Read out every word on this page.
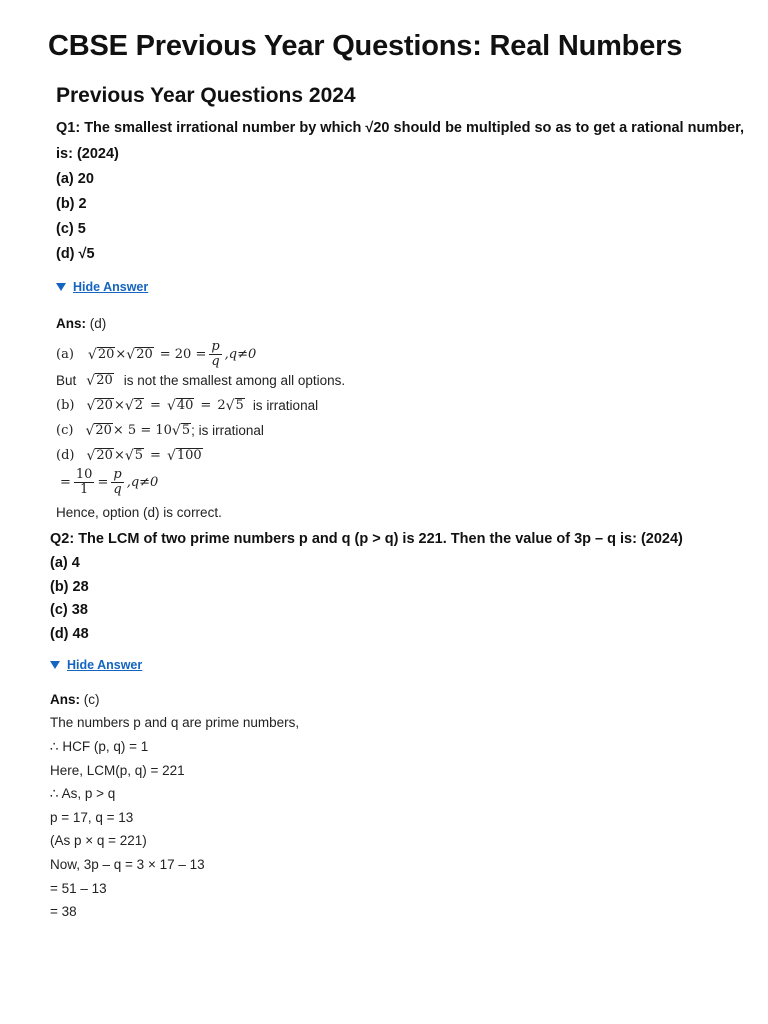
CBSE Previous Year Questions: Real Numbers
Previous Year Questions 2024
Q1: The smallest irrational number by which √20 should be multipled so as to get a rational number,
is: (2024)
(a) 20
(b) 2
(c) 5
(d) √5
Hide Answer
Ans: (d)
(a) √ 20 × √ $20 = 20 = \frac{p}{q} ,q\ne 0$
But √ 20 is not the smallest among all options.
(b) √ 20 × √ 2 = √ 40 = 2 √ 5 is irrational
(c) √ 20 × 5 = 10 √ 5 ; is irrational
(d) √ 20 × √ 5 = √ 100
= $\frac{10}{1} = \frac{p}{q} ,q\ne 0$
Hence, option (d) is correct.
Q2: The LCM of two prime numbers p and q (p > q) is 221. Then the value of 3p – q is: (2024)
(a) 4
(b) 28
(c) 38
(d) 48
Hide Answer
Ans: (c)
The numbers p and q are prime numbers,
∴ HCF (p, q) = 1
Here, LCM(p, q) = 221
∴ As, p > q
p = 17, q = 13
(As p × q = 221)
Now, 3p – q = 3 × 17 – 13
= 51 – 13
= 38
